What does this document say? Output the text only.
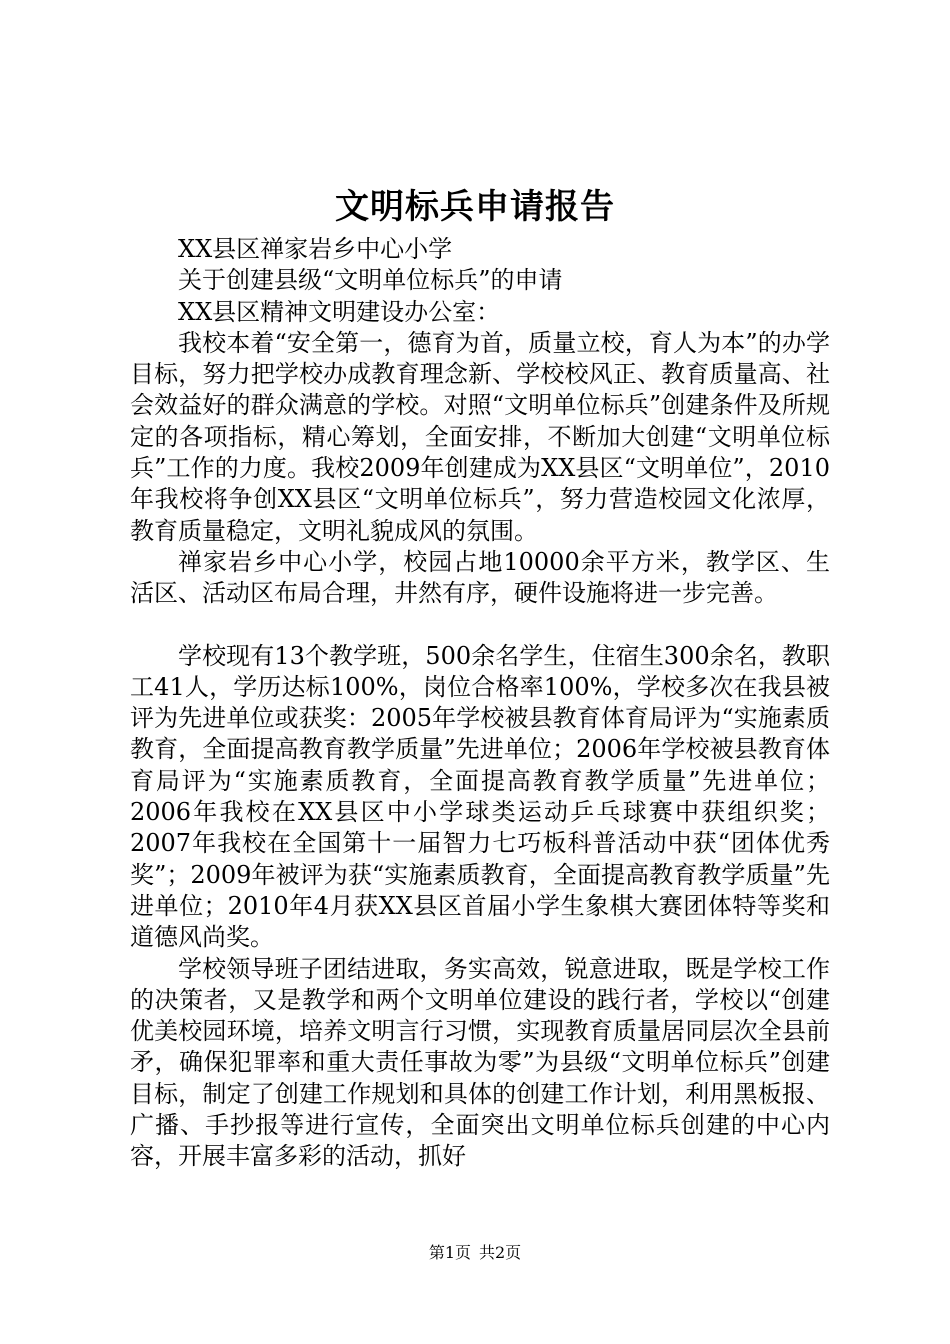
文明标兵申请报告

XX县区禅家岩乡中心小学

关于创建县级“文明单位标兵”的申请

XX县区精神文明建设办公室：

我校本着“安全第一，德育为首，质量立校，育人为本”的办学目标，努力把学校办成教育理念新、学校校风正、教育质量高、社会效益好的群众满意的学校。对照“文明单位标兵”创建条件及所规定的各项指标，精心筹划，全面安排，不断加大创建“文明单位标兵”工作的力度。我校2009年创建成为XX县区“文明单位”，2010年我校将争创XX县区“文明单位标兵”，努力营造校园文化浓厚，教育质量稳定，文明礼貌成风的氛围。

禅家岩乡中心小学，校园占地10000余平方米，教学区、生活区、活动区布局合理，井然有序，硬件设施将进一步完善。

学校现有13个教学班，500余名学生，住宿生300余名，教职工41人，学历达标100%，岗位合格率100%，学校多次在我县被评为先进单位或获奖：2005年学校被县教育体育局评为“实施素质教育，全面提高教育教学质量”先进单位；2006年学校被县教育体育局评为“实施素质教育，全面提高教育教学质量”先进单位；2006年我校在XX县区中小学球类运动乒乓球赛中获组织奖；2007年我校在全国第十一届智力七巧板科普活动中获“团体优秀奖”；2009年被评为获“实施素质教育，全面提高教育教学质量”先进单位；2010年4月获XX县区首届小学生象棋大赛团体特等奖和道德风尚奖。

学校领导班子团结进取，务实高效，锐意进取，既是学校工作的决策者，又是教学和两个文明单位建设的践行者，学校以“创建优美校园环境，培养文明言行习惯，实现教育质量居同层次全县前矛，确保犯罪率和重大责任事故为零”为县级“文明单位标兵”创建目标，制定了创建工作规划和具体的创建工作计划，利用黑板报、广播、手抄报等进行宣传，全面突出文明单位标兵创建的中心内容，开展丰富多彩的活动，抓好

第1页 共2页
